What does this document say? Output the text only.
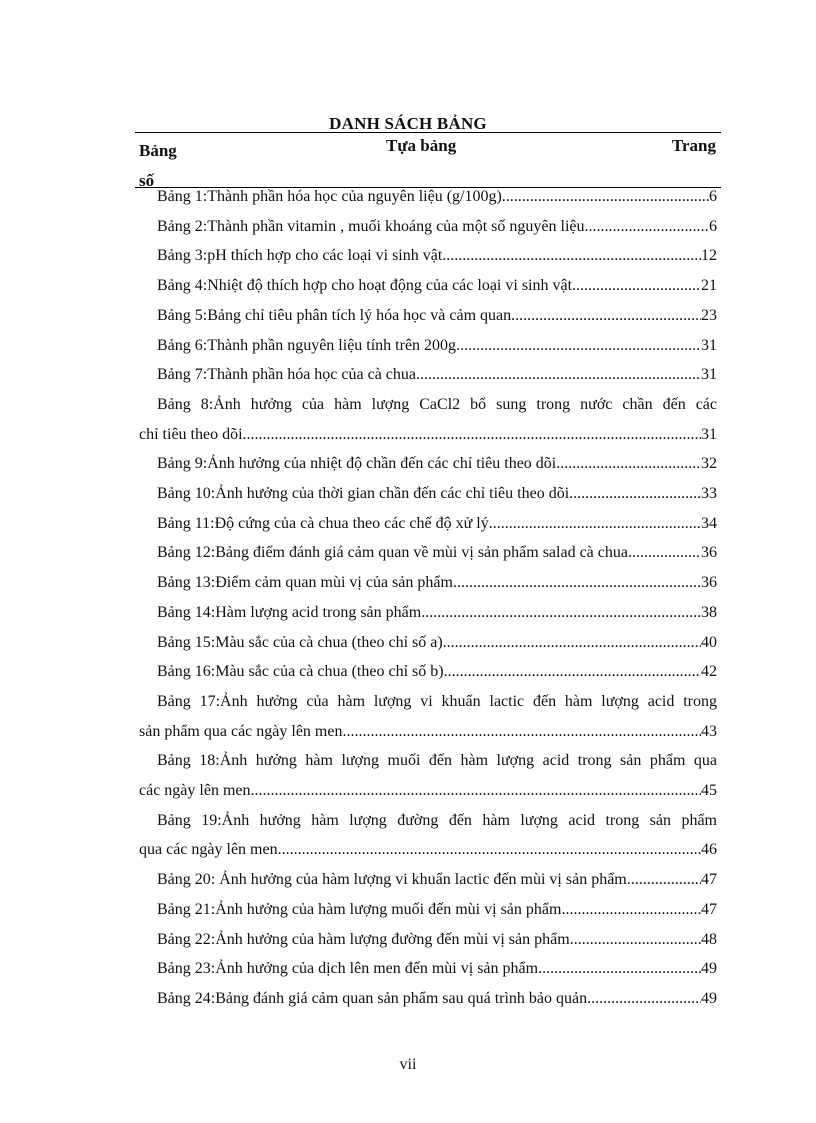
DANH SÁCH BẢNG
Bảng số
Tựa bảng	Trang
Bảng 1:Thành phần hóa học của nguyên liệu (g/100g) .....	6
Bảng 2:Thành phần vitamin , muối khoáng của một số nguyên liệu .....	6
Bảng 3:pH thích hợp cho các loại vi sinh vật .....	12
Bảng 4:Nhiệt độ thích hợp cho hoạt động của các loại vi sinh vật .....	21
Bảng 5:Bảng chỉ tiêu phân tích lý hóa học và cảm quan .....	23
Bảng 6:Thành phần nguyên liệu tính trên 200g .....	31
Bảng 7:Thành phần hóa học của cà chua .....	31
Bảng 8:Ảnh hưởng của hàm lượng CaCl2 bổ sung trong nước chần đến các
chỉ tiêu theo dõi .....	31
Bảng 9:Ảnh hưởng của nhiệt độ chần đến các chỉ tiêu theo dõi .....	32
Bảng 10:Ảnh hưởng của thời gian chần đến các chỉ tiêu theo dõi .....	33
Bảng 11:Độ cứng của cà chua theo các chế độ xử lý .....	34
Bảng 12:Bảng điểm đánh giá cảm quan về mùi vị sản phẩm salad cà chua .....	36
Bảng 13:Điểm cảm quan mùi vị của sản phẩm .....	36
Bảng 14:Hàm lượng acid trong sản phẩm .....	38
Bảng 15:Màu sắc của cà chua (theo chỉ số a) .....	40
Bảng 16:Màu sắc của cà chua (theo chỉ số b) .....	42
Bảng 17:Ảnh hưởng của hàm lượng vi khuẩn lactic đến hàm lượng acid trong
sản phẩm qua các ngày lên men .....	43
Bảng 18:Ảnh hưởng hàm lượng muối đến hàm lượng acid trong sản phẩm qua
các ngày lên men .....	45
Bảng 19:Ảnh hưởng hàm lượng đường đến hàm lượng acid trong sản phẩm
qua các ngày lên men .....	46
Bảng 20: Ảnh hưởng của hàm lượng vi khuẩn lactic đến mùi vị sản phẩm .....	47
Bảng 21:Ảnh hưởng của hàm lượng muối đến mùi vị sản phẩm .....	47
Bảng 22:Ảnh hưởng của hàm lượng đường đến mùi vị sản phẩm .....	48
Bảng 23:Ảnh hưởng của dịch lên men đến mùi vị sản phẩm .....	49
Bảng 24:Bảng đánh giá cảm quan sản phẩm sau quá trình bảo quản .....	49
vii
